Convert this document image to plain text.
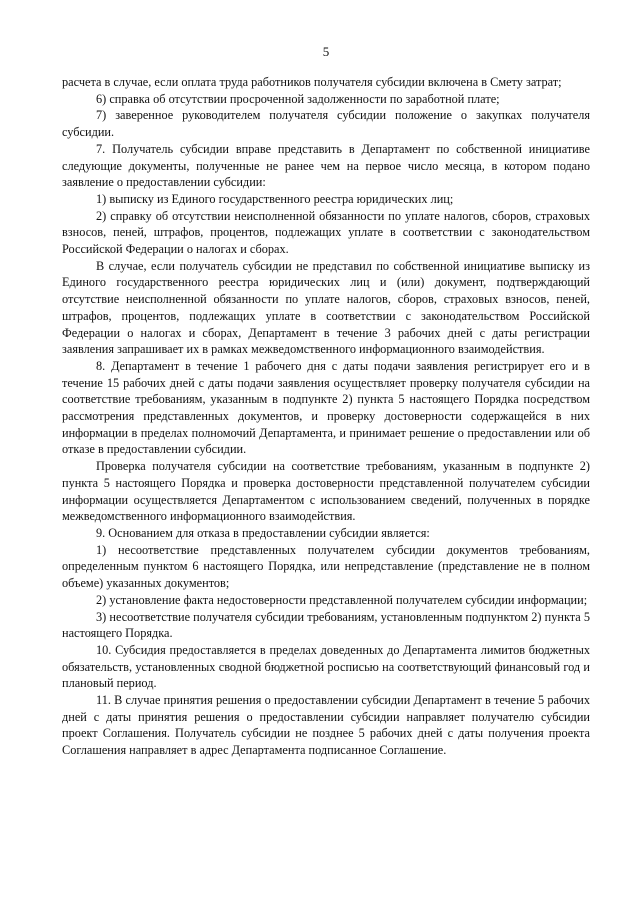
5

расчета в случае, если оплата труда работников получателя субсидии включена в Смету затрат;

6) справка об отсутствии просроченной задолженности по заработной плате;

7) заверенное руководителем получателя субсидии положение о закупках получателя субсидии.

7. Получатель субсидии вправе представить в Департамент по собственной инициативе следующие документы, полученные не ранее чем на первое число месяца, в котором подано заявление о предоставлении субсидии:

1) выписку из Единого государственного реестра юридических лиц;

2) справку об отсутствии неисполненной обязанности по уплате налогов, сборов, страховых взносов, пеней, штрафов, процентов, подлежащих уплате в соответствии с законодательством Российской Федерации о налогах и сборах.

В случае, если получатель субсидии не представил по собственной инициативе выписку из Единого государственного реестра юридических лиц и (или) документ, подтверждающий отсутствие неисполненной обязанности по уплате налогов, сборов, страховых взносов, пеней, штрафов, процентов, подлежащих уплате в соответствии с законодательством Российской Федерации о налогах и сборах, Департамент в течение 3 рабочих дней с даты регистрации заявления запрашивает их в рамках межведомственного информационного взаимодействия.

8. Департамент в течение 1 рабочего дня с даты подачи заявления регистрирует его и в течение 15 рабочих дней с даты подачи заявления осуществляет проверку получателя субсидии на соответствие требованиям, указанным в подпункте 2) пункта 5 настоящего Порядка посредством рассмотрения представленных документов, и проверку достоверности содержащейся в них информации в пределах полномочий Департамента, и принимает решение о предоставлении или об отказе в предоставлении субсидии.

Проверка получателя субсидии на соответствие требованиям, указанным в подпункте 2) пункта 5 настоящего Порядка и проверка достоверности представленной получателем субсидии информации осуществляется Департаментом с использованием сведений, полученных в порядке межведомственного информационного взаимодействия.

9. Основанием для отказа в предоставлении субсидии является:

1) несоответствие представленных получателем субсидии документов требованиям, определенным пунктом 6 настоящего Порядка, или непредставление (представление не в полном объеме) указанных документов;

2) установление факта недостоверности представленной получателем субсидии информации;

3) несоответствие получателя субсидии требованиям, установленным подпунктом 2) пункта 5 настоящего Порядка.

10. Субсидия предоставляется в пределах доведенных до Департамента лимитов бюджетных обязательств, установленных сводной бюджетной росписью на соответствующий финансовый год и плановый период.

11. В случае принятия решения о предоставлении субсидии Департамент в течение 5 рабочих дней с даты принятия решения о предоставлении субсидии направляет получателю субсидии проект Соглашения. Получатель субсидии не позднее 5 рабочих дней с даты получения проекта Соглашения направляет в адрес Департамента подписанное Соглашение.
